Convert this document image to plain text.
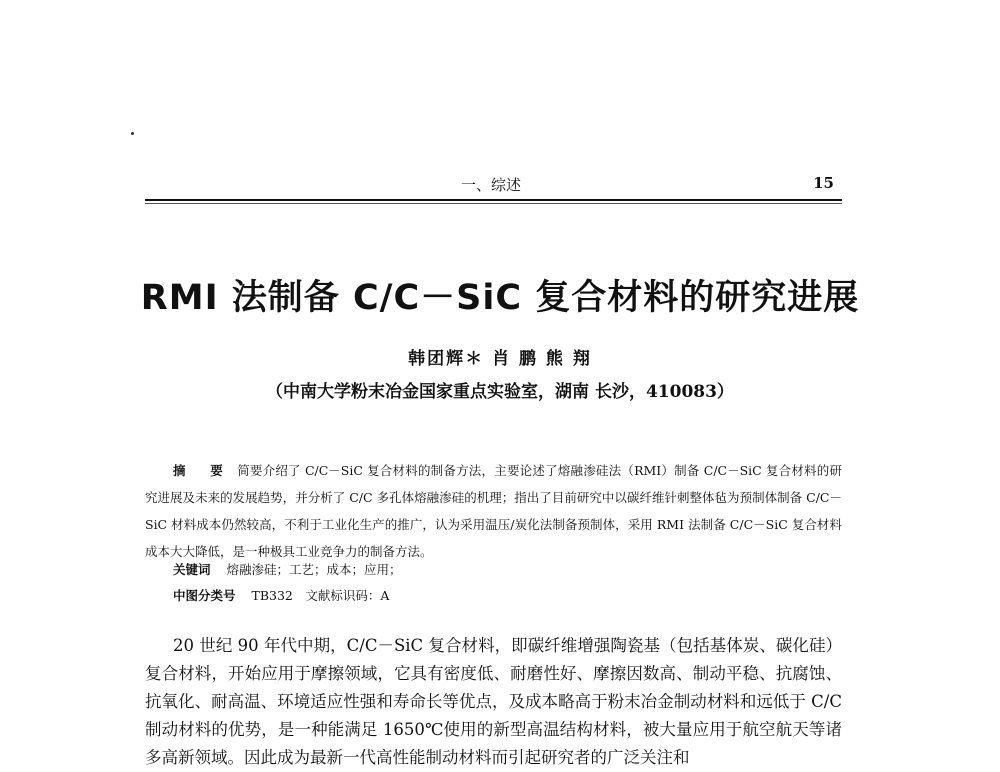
一、综述	15
RMI 法制备 C/C－SiC 复合材料的研究进展
韩团辉＊ 肖 鹏 熊 翔
（中南大学粉末冶金国家重点实验室，湖南 长沙，410083）
摘 要 简要介绍了 C/C－SiC 复合材料的制备方法，主要论述了熔融渗硅法（RMI）制备 C/C－SiC 复合材料的研究进展及未来的发展趋势，并分析了 C/C 多孔体熔融渗硅的机理；指出了目前研究中以碳纤维针刺整体毡为预制体制备 C/C－SiC 材料成本仍然较高，不利于工业化生产的推广，认为采用温压/炭化法制备预制体，采用 RMI 法制备 C/C－SiC 复合材料成本大大降低，是一种极具工业竞争力的制备方法。
关键词 熔融渗硅；工艺；成本；应用；
中图分类号 TB332　文献标识码：A
20 世纪 90 年代中期，C/C－SiC 复合材料，即碳纤维增强陶瓷基（包括基体炭、碳化硅）复合材料，开始应用于摩擦领域，它具有密度低、耐磨性好、摩擦因数高、制动平稳、抗腐蚀、抗氧化、耐高温、环境适应性强和寿命长等优点，及成本略高于粉末冶金制动材料和远低于 C/C 制动材料的优势，是一种能满足 1650℃使用的新型高温结构材料，被大量应用于航空航天等诸多高新领域。因此成为最新一代高性能制动材料而引起研究者的广泛关注和
